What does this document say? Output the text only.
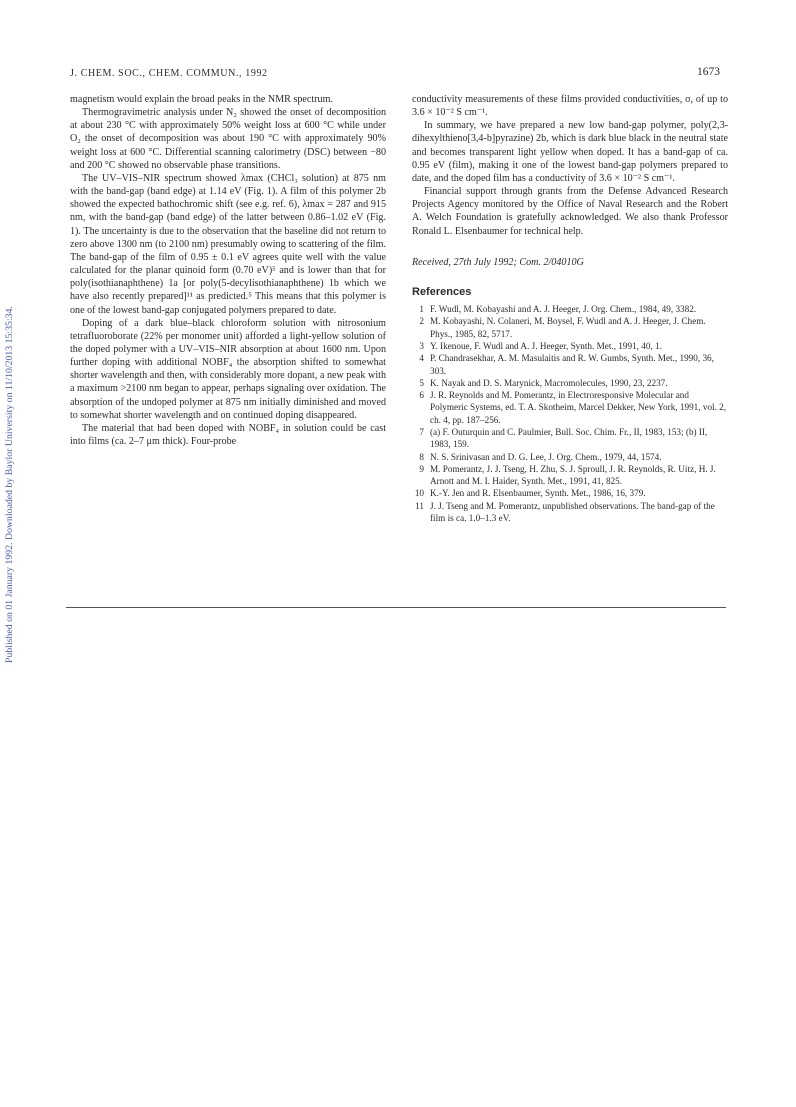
Published on 01 January 1992. Downloaded by Baylor University on 11/10/2013 15:35:34.
J. CHEM. SOC., CHEM. COMMUN., 1992	1673

magnetism would explain the broad peaks in the NMR spectrum.

Thermogravimetric analysis under N₂ showed the onset of decomposition at about 230 °C with approximately 50% weight loss at 600 °C while under O₂ the onset of decomposition was about 190 °C with approximately 90% weight loss at 600 °C. Differential scanning calorimetry (DSC) between −80 and 200 °C showed no observable phase transitions.

The UV–VIS–NIR spectrum showed λmax (CHCl₃ solution) at 875 nm with the band-gap (band edge) at 1.14 eV (Fig. 1). A film of this polymer 2b showed the expected bathochromic shift (see e.g. ref. 6), λmax = 287 and 915 nm, with the band-gap (band edge) of the latter between 0.86–1.02 eV (Fig. 1). The uncertainty is due to the observation that the baseline did not return to zero above 1300 nm (to 2100 nm) presumably owing to scattering of the film. The band-gap of the film of 0.95 ± 0.1 eV agrees quite well with the value calculated for the planar quinoid form (0.70 eV)⁵ and is lower than that for poly(isothianaphthene) 1a [or poly(5-decylisothianaphthene) 1b which we have also recently prepared]¹¹ as predicted.⁵ This means that this polymer is one of the lowest band-gap conjugated polymers prepared to date.

Doping of a dark blue–black chloroform solution with nitrosonium tetrafluoroborate (22% per monomer unit) afforded a light-yellow solution of the doped polymer with a UV–VIS–NIR absorption at about 1600 nm. Upon further doping with additional NOBF₄ the absorption shifted to somewhat shorter wavelength and then, with considerably more dopant, a new peak with a maximum >2100 nm began to appear, perhaps signaling over oxidation. The absorption of the undoped polymer at 875 nm initially diminished and moved to somewhat shorter wavelength and on continued doping disappeared.

The material that had been doped with NOBF₄ in solution could be cast into films (ca. 2–7 μm thick). Four-probe

conductivity measurements of these films provided conductivities, σ, of up to 3.6 × 10⁻² S cm⁻¹.

In summary, we have prepared a new low band-gap polymer, poly(2,3-dihexylthieno[3,4-b]pyrazine) 2b, which is dark blue black in the neutral state and becomes transparent light yellow when doped. It has a band-gap of ca. 0.95 eV (film), making it one of the lowest band-gap polymers prepared to date, and the doped film has a conductivity of 3.6 × 10⁻² S cm⁻¹.

Financial support through grants from the Defense Advanced Research Projects Agency monitored by the Office of Naval Research and the Robert A. Welch Foundation is gratefully acknowledged. We also thank Professor Ronald L. Elsenbaumer for technical help.

Received, 27th July 1992; Com. 2/04010G

References
1 F. Wudl, M. Kobayashi and A. J. Heeger, J. Org. Chem., 1984, 49, 3382.
2 M. Kobayashi, N. Colaneri, M. Boysel, F. Wudl and A. J. Heeger, J. Chem. Phys., 1985, 82, 5717.
3 Y. Ikenoue, F. Wudl and A. J. Heeger, Synth. Met., 1991, 40, 1.
4 P. Chandrasekhar, A. M. Masulaitis and R. W. Gumbs, Synth. Met., 1990, 36, 303.
5 K. Nayak and D. S. Marynick, Macromolecules, 1990, 23, 2237.
6 J. R. Reynolds and M. Pomerantz, in Electroresponsive Molecular and Polymeric Systems, ed. T. A. Skotheim, Marcel Dekker, New York, 1991, vol. 2, ch. 4, pp. 187–256.
7 (a) F. Outurquin and C. Paulmier, Bull. Soc. Chim. Fr., II, 1983, 153; (b) II, 1983, 159.
8 N. S. Srinivasan and D. G. Lee, J. Org. Chem., 1979, 44, 1574.
9 M. Pomerantz, J. J. Tseng, H. Zhu, S. J. Sproull, J. R. Reynolds, R. Uitz, H. J. Arnott and M. I. Haider, Synth. Met., 1991, 41, 825.
10 K.-Y. Jen and R. Elsenbaumer, Synth. Met., 1986, 16, 379.
11 J. J. Tseng and M. Pomerantz, unpublished observations. The band-gap of the film is ca. 1.0–1.3 eV.
